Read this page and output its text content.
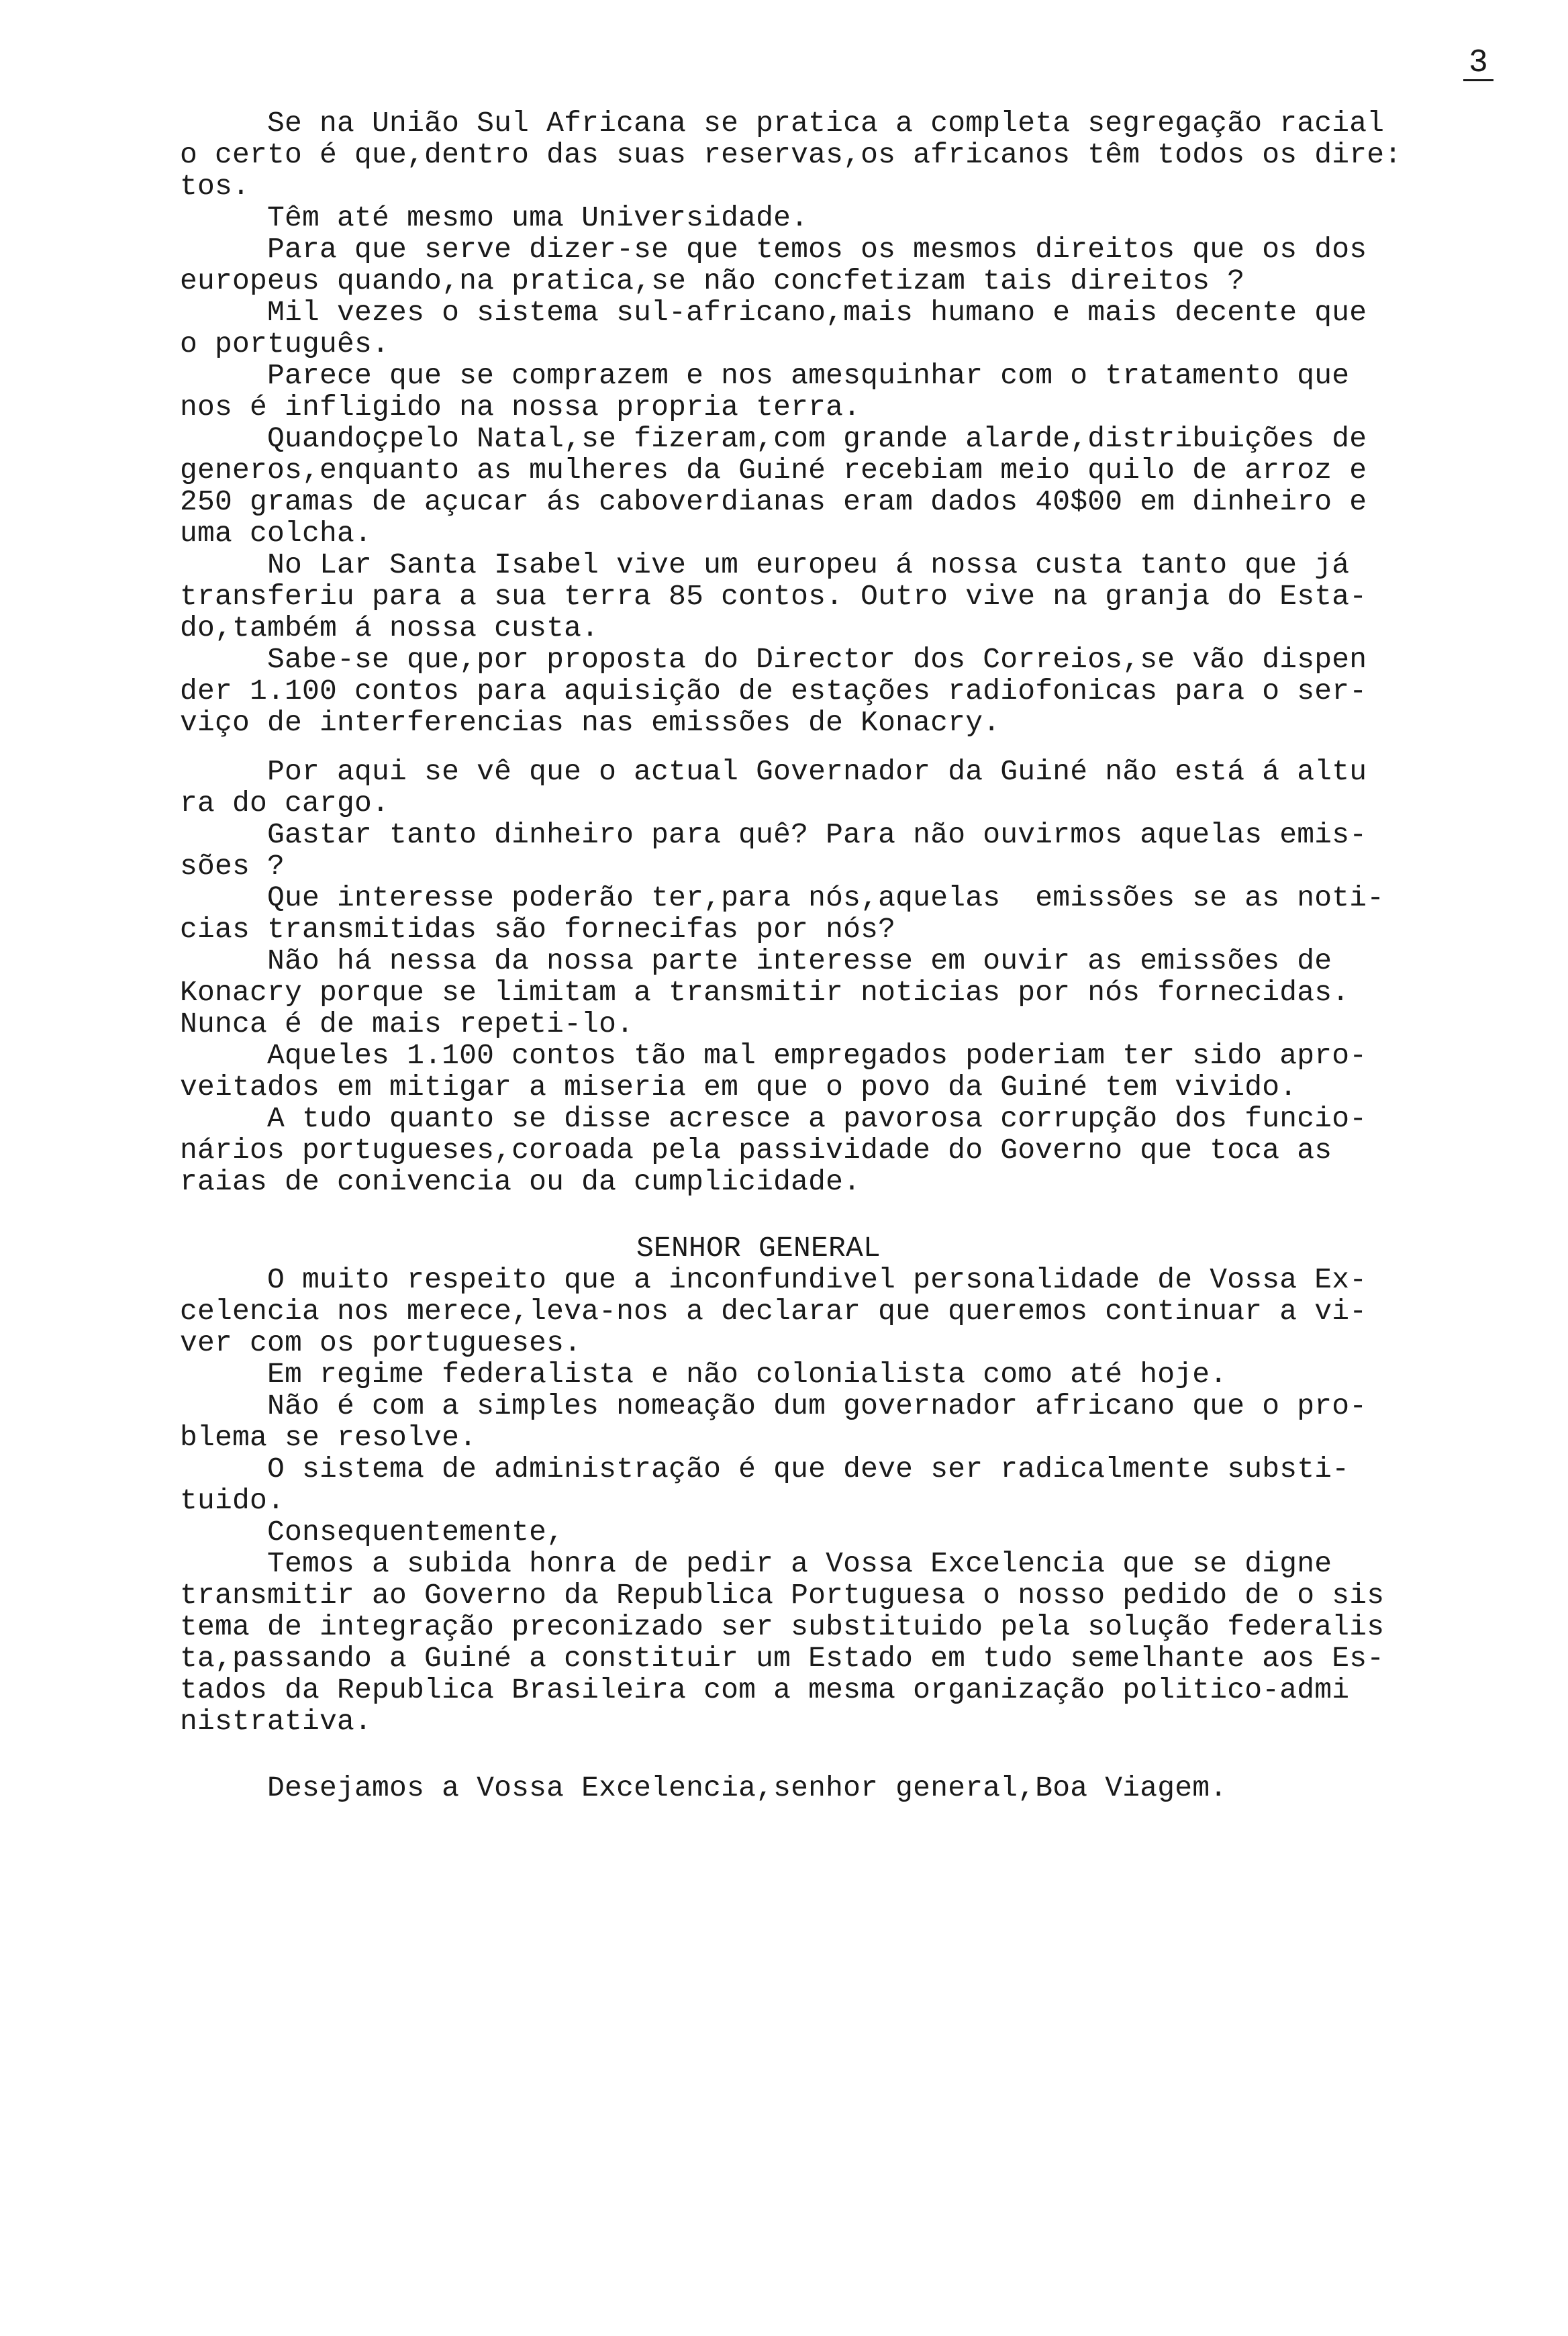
3

Se na União Sul Africana se pratica a completa segregação racial
o certo é que,dentro das suas reservas,os africanos têm todos os dire:
tos.

Têm até mesmo uma Universidade.

Para que serve dizer-se que temos os mesmos direitos que os dos
europeus quando,na pratica,se não concfetizam tais direitos ?

Mil vezes o sistema sul-africano,mais humano e mais decente que
o português.

Parece que se comprazem e nos amesquinhar com o tratamento que
nos é infligido na nossa propria terra.

Quandoçpelo Natal,se fizeram,com grande alarde,distribuições de
generos,enquanto as mulheres da Guiné recebiam meio quilo de arroz e
250 gramas de açucar ás caboverdianas eram dados 40$00 em dinheiro e
uma colcha.

No Lar Santa Isabel vive um europeu á nossa custa tanto que já
transferiu para a sua terra 85 contos. Outro vive na granja do Esta-
do,também á nossa custa.

Sabe-se que,por proposta do Director dos Correios,se vão dispen
der 1.100 contos para aquisição de estações radiofonicas para o ser-
viço de interferencias nas emissões de Konacry.

Por aqui se vê que o actual Governador da Guiné não está á altu
ra do cargo.

Gastar tanto dinheiro para quê? Para não ouvirmos aquelas emis-
sões ?

Que interesse poderão ter,para nós,aquelas  emissões se as noti-
cias transmitidas são fornecifas por nós?

Não há nessa da nossa parte interesse em ouvir as emissões de
Konacry porque se limitam a transmitir noticias por nós fornecidas.
Nunca é de mais repeti-lo.

Aqueles 1.100 contos tão mal empregados poderiam ter sido apro-
veitados em mitigar a miseria em que o povo da Guiné tem vivido.

A tudo quanto se disse acresce a pavorosa corrupção dos funcio-
nários portugueses,coroada pela passividade do Governo que toca as
raias de conivencia ou da cumplicidade.

SENHOR GENERAL

O muito respeito que a inconfundivel personalidade de Vossa Ex-
celencia nos merece,leva-nos a declarar que queremos continuar a vi-
ver com os portugueses.

Em regime federalista e não colonialista como até hoje.

Não é com a simples nomeação dum governador africano que o pro-
blema se resolve.

O sistema de administração é que deve ser radicalmente substi-
tuido.

Consequentemente,

Temos a subida honra de pedir a Vossa Excelencia que se digne
transmitir ao Governo da Republica Portuguesa o nosso pedido de o sis
tema de integração preconizado ser substituido pela solução federalis
ta,passando a Guiné a constituir um Estado em tudo semelhante aos Es-
tados da Republica Brasileira com a mesma organização politico-admi
nistrativa.

Desejamos a Vossa Excelencia,senhor general,Boa Viagem.
